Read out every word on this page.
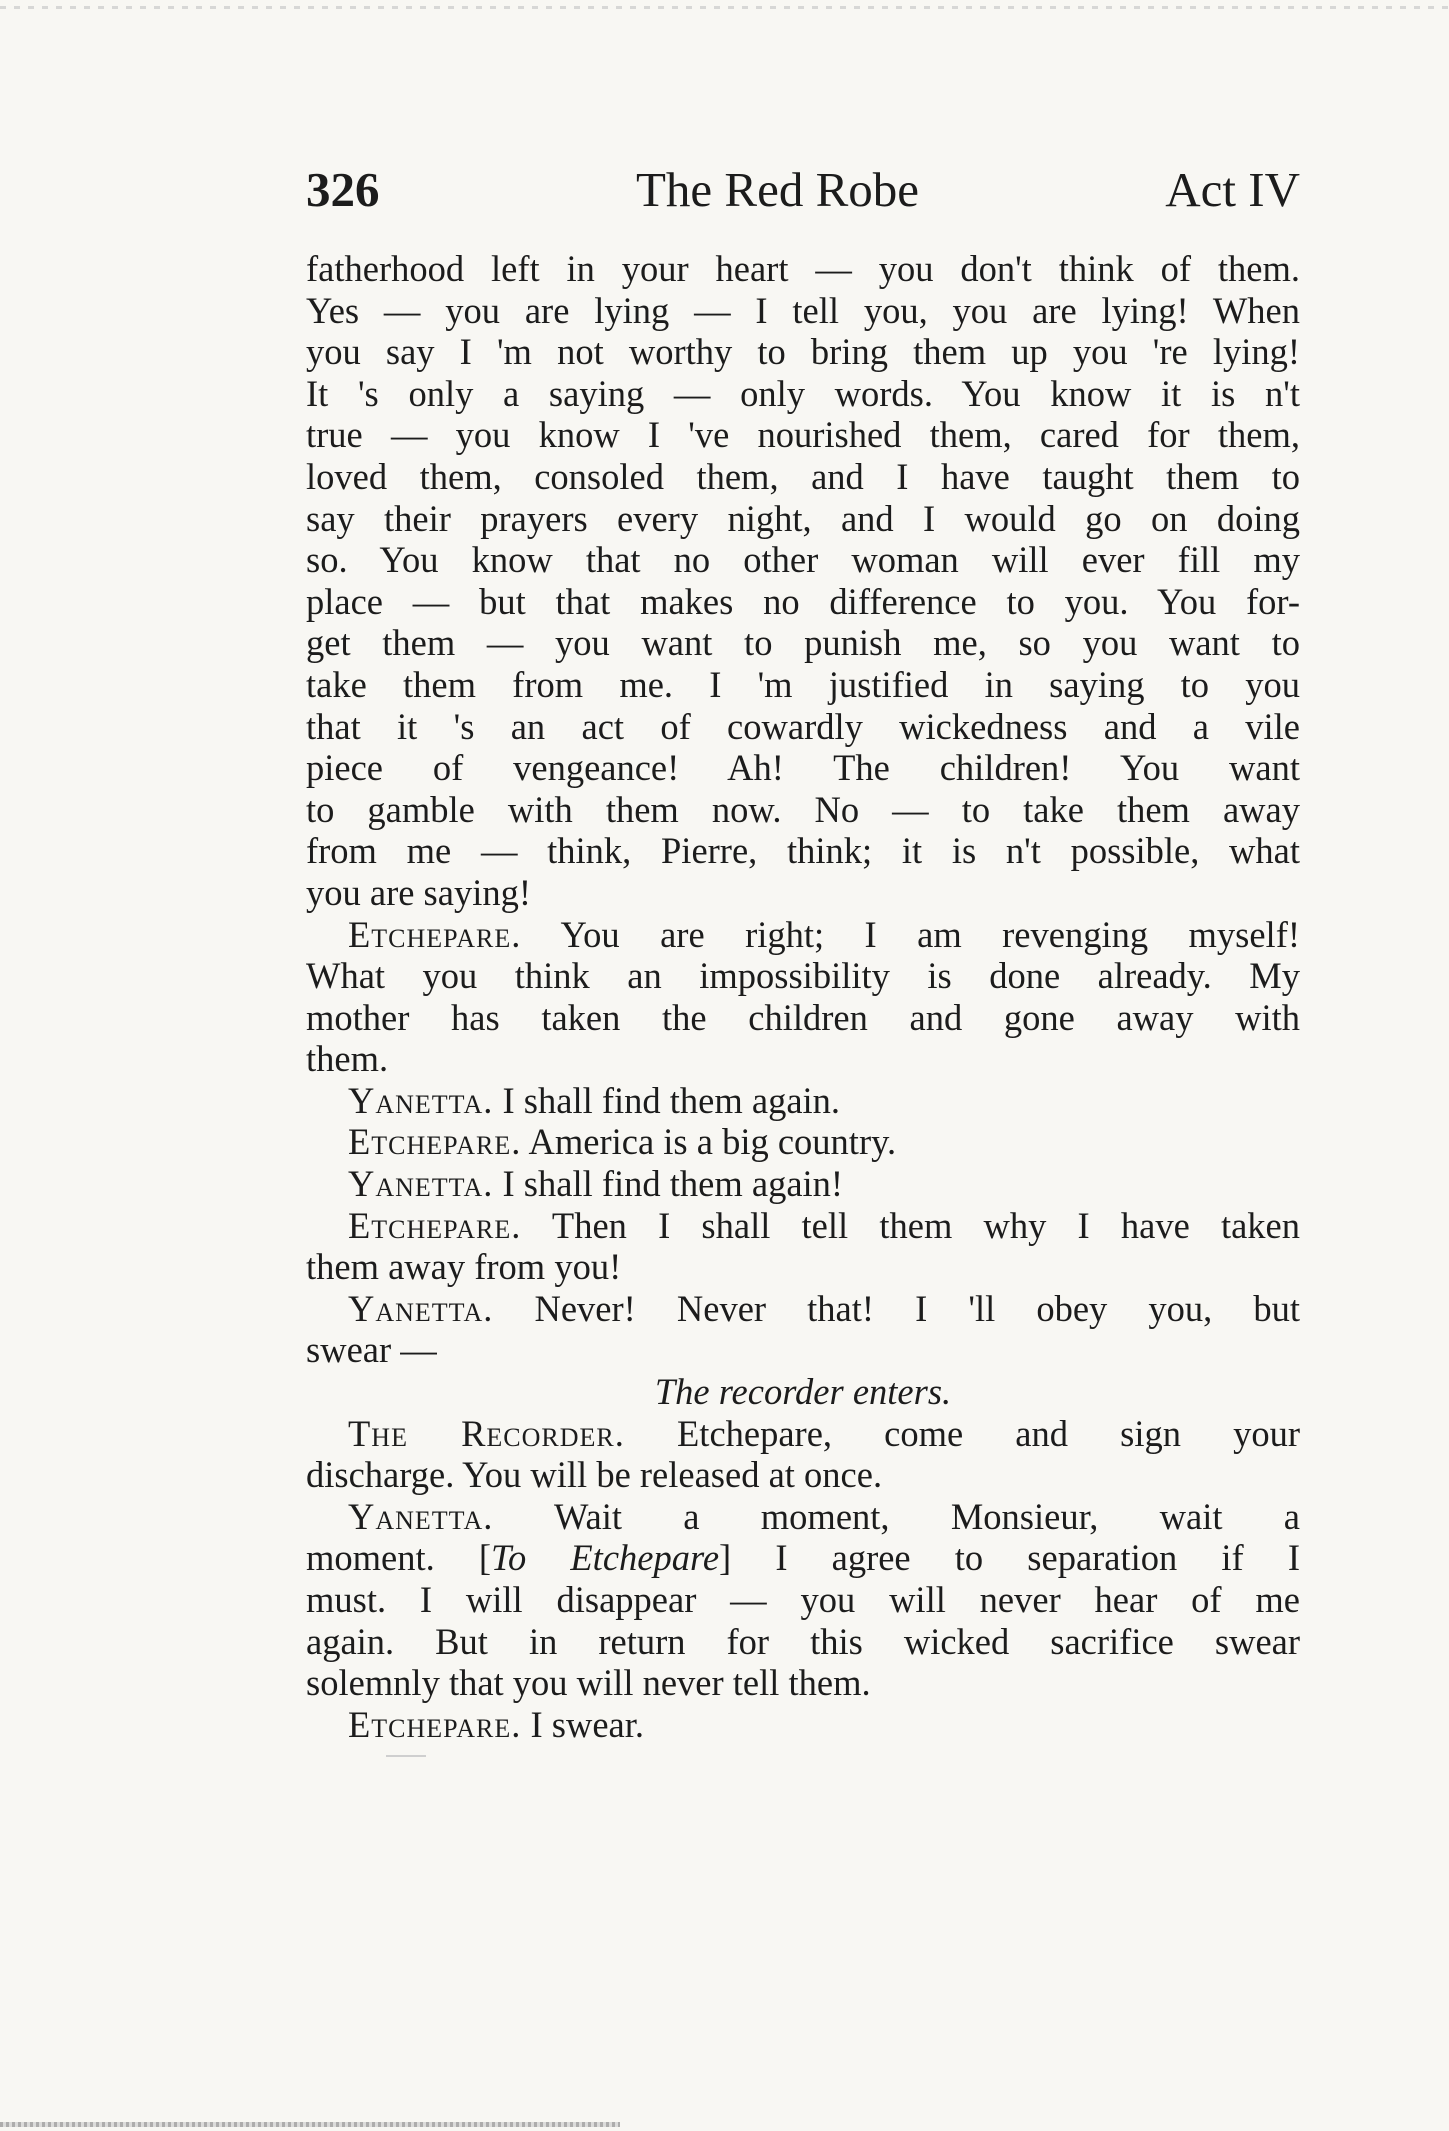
326	The Red Robe	Act IV
fatherhood left in your heart — you don't think of them.
Yes — you are lying — I tell you, you are lying! When
you say I 'm not worthy to bring them up you 're lying!
It 's only a saying — only words. You know it is n't
true — you know I 've nourished them, cared for them,
loved them, consoled them, and I have taught them to
say their prayers every night, and I would go on doing
so. You know that no other woman will ever fill my
place — but that makes no difference to you. You for-
get them — you want to punish me, so you want to
take them from me. I 'm justified in saying to you
that it 's an act of cowardly wickedness and a vile
piece of vengeance! Ah! The children! You want
to gamble with them now. No — to take them away
from me — think, Pierre, think; it is n't possible, what
you are saying!
Etchepare. You are right; I am revenging myself!
What you think an impossibility is done already. My
mother has taken the children and gone away with
them.
Yanetta. I shall find them again.
Etchepare. America is a big country.
Yanetta. I shall find them again!
Etchepare. Then I shall tell them why I have taken
them away from you!
Yanetta. Never! Never that! I 'll obey you, but
swear —
The recorder enters.
The Recorder. Etchepare, come and sign your
discharge. You will be released at once.
Yanetta. Wait a moment, Monsieur, wait a
moment. [To Etchepare] I agree to separation if I
must. I will disappear — you will never hear of me
again. But in return for this wicked sacrifice swear
solemnly that you will never tell them.
Etchepare. I swear.
